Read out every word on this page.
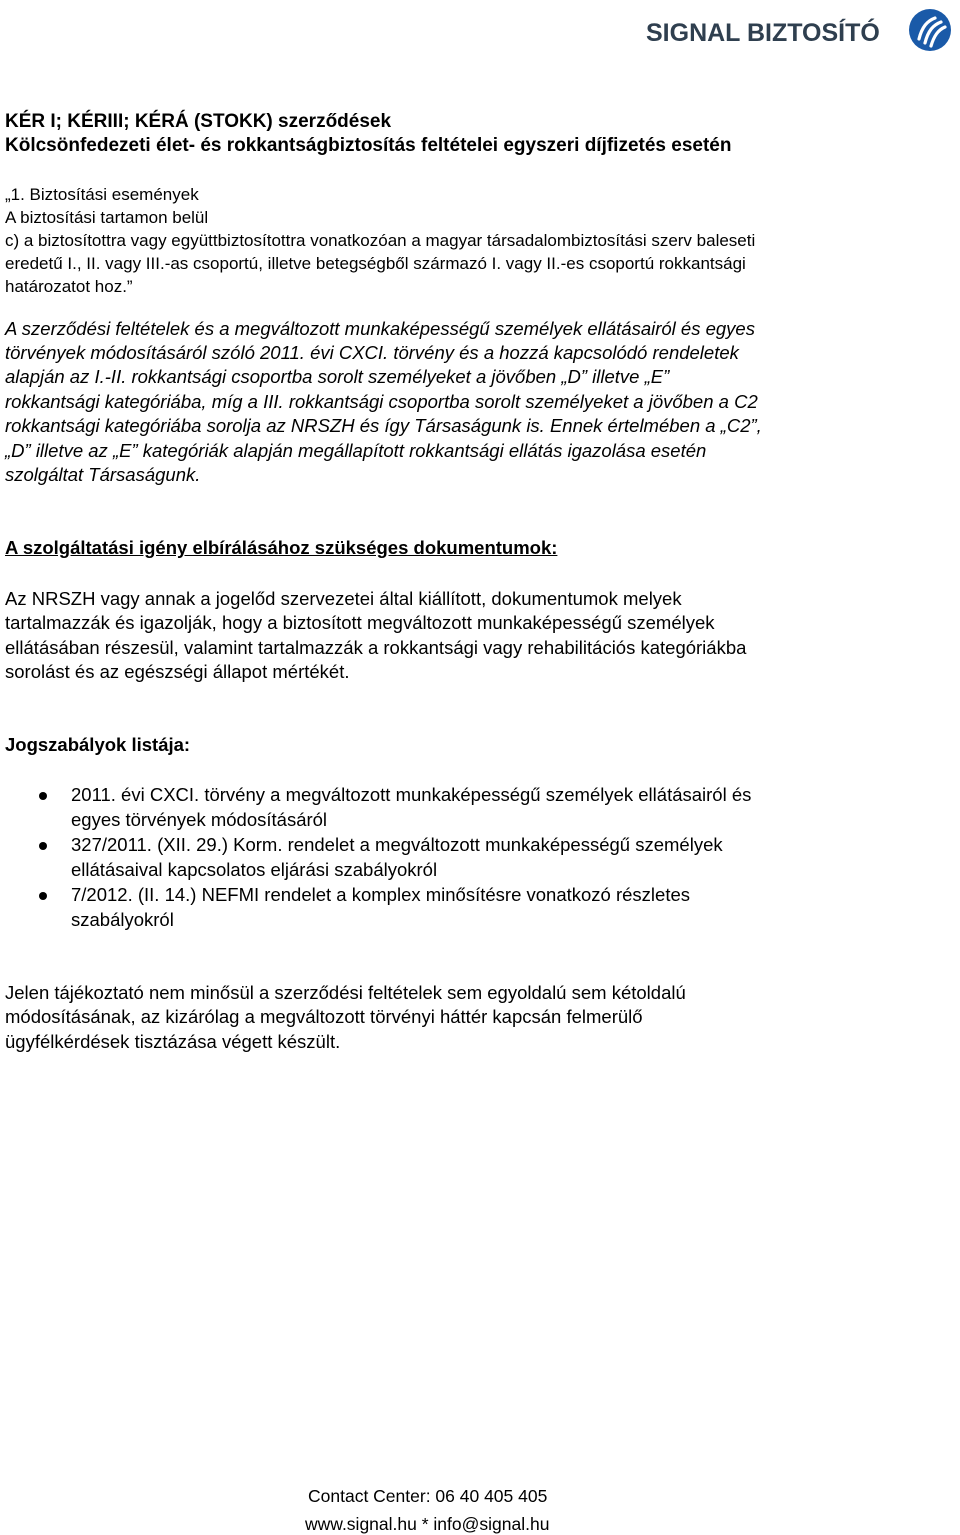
SIGNAL BIZTOSÍTÓ
KÉR I; KÉRIII; KÉRÁ (STOKK) szerződések
Kölcsönfedezeti élet- és rokkantságbiztosítás feltételei egyszeri díjfizetés esetén
„1. Biztosítási események
A biztosítási tartamon belül
c) a biztosítottra vagy együttbiztosítottra vonatkozóan a magyar társadalombiztosítási szerv baleseti
eredetű I., II. vagy III.-as csoportú, illetve betegségből származó I. vagy II.-es csoportú rokkantsági
határozatot hoz.”
A szerződési feltételek és a megváltozott munkaképességű személyek ellátásairól és egyes
törvények módosításáról szóló 2011. évi CXCI. törvény és a hozzá kapcsolódó rendeletek
alapján az I.-II. rokkantsági csoportba sorolt személyeket a jövőben „D” illetve „E”
rokkantsági kategóriába, míg a III. rokkantsági csoportba sorolt személyeket a jövőben a C2
rokkantsági kategóriába sorolja az NRSZH és így Társaságunk is. Ennek értelmében a „C2”,
„D” illetve az „E” kategóriák alapján megállapított rokkantsági ellátás igazolása esetén
szolgáltat Társaságunk.
A szolgáltatási igény elbírálásához szükséges dokumentumok:
Az NRSZH vagy annak a jogelőd szervezetei által kiállított, dokumentumok melyek
tartalmazzák és igazolják, hogy a biztosított megváltozott munkaképességű személyek
ellátásában részesül, valamint tartalmazzák a rokkantsági vagy rehabilitációs kategóriákba
sorolást és az egészségi állapot mértékét.
Jogszabályok listája:
2011. évi CXCI. törvény a megváltozott munkaképességű személyek ellátásairól és
egyes törvények módosításáról
327/2011. (XII. 29.) Korm. rendelet a megváltozott munkaképességű személyek
ellátásaival kapcsolatos eljárási szabályokról
7/2012. (II. 14.) NEFMI rendelet a komplex minősítésre vonatkozó részletes
szabályokról
Jelen tájékoztató nem minősül a szerződési feltételek sem egyoldalú sem kétoldalú
módosításának, az kizárólag a megváltozott törvényi háttér kapcsán felmerülő
ügyfélkérdések tisztázása végett készült.
Contact Center: 06 40 405 405
www.signal.hu * info@signal.hu
